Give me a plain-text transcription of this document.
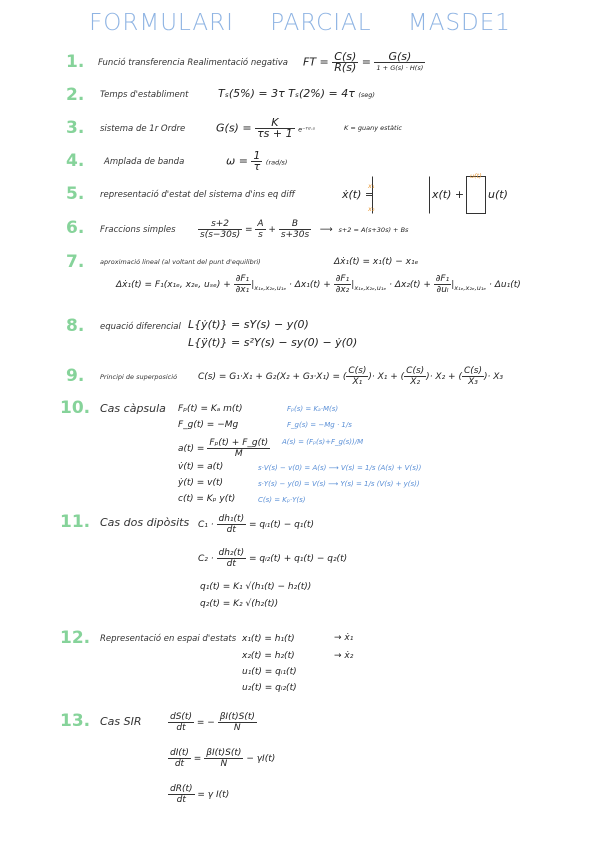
FORMULARI PARCIAL MASDE1
1. Funció transferencia Realimentació negativa FT = $\frac{C(s)}{R(s)} = \frac{G(s)}{1 + G(s) \cdot H(s)}$
2. Temps d'establiment	Tₛ(5%) = 3τ Tₛ(2%) = 4τ (seg)
3. sistema de 1r Ordre	$G(s) = \frac{K}{\tau s + 1}$ e⁻ᵀᵈ·ˢ	K = guany estàtic
4. Amplada de banda	$\omega = \frac{1}{\tau} (rad/s)$
5. representació d'estat del sistema d'ins eq diff	ẋ(t) =
x₁
x₂
x(t) +
u(t)
u(t)
6. Fraccions simples $\frac{s+2}{s(s-30s)} = \frac{A}{s} + \frac{B}{s+30s}$ ⟶ s+2 = A(s+30s) + Bs
7. aproximació lineal (al voltant del punt d'equilibri)	Δẋ₁(t) = x₁(t) − x₁ₑ
Δẋ₁(t) = F₁(x₁ₑ, x₂ₑ, $u_{se}) + \frac{\text{∂F₁}}{\text{∂x₁}} |_{x_{1e},x_{2e},u_{1e}} \cdot \Delta x_1(t) + \frac{\text{∂F₁}}{\text{∂x₂}} |_{x_{1e},x_{2e},u_{1e}} \cdot \Delta x_2(t) + \frac{\text{∂F₁}}{\text{∂uₗ}} |_{x_{1e},x_{2e},u_{1e}} \cdot \Delta u_1(t)$
8. equació diferencial L{ẏ(t)} = sY(s) − y(0)
L{ÿ(t)} = s²Y(s) − sy(0) − ẏ(0)
9. Principi de superposició C(s) = G₁·X₁ + G₂(X₂ + G₃·X₁) = ( $\frac{C(s)}{\text{X₁}}$ )· X₁ + ( $\frac{C(s)}{\text{X₂}}$ )· X₂ + ( $\frac{C(s)}{\text{X₃}}$ )· X₃
10. Cas càpsula Fₚ(t) = Kₐ m(t)
F_g(t) = −Mg
$a(t) = \frac{\text{Fₚ(t) + F\_g(t)}}{M}$
v̇(t) = a(t)
ẏ(t) = v(t)
c(t) = Kₚ y(t)
Fₚ(s) = Kₐ·M(s)
F_g(s) = −Mg · 1/s
A(s) = (Fₚ(s)+F_g(s))/M
s·V(s) − v(0) = A(s) ⟶ V(s) = 1/s (A(s) + V(s))
s·Y(s) − y(0) = V(s) ⟶ Y(s) = 1/s (V(s) + y(s))
C(s) = Kₚ·Y(s)
11. Cas dos dipòsits $C_1 \cdot \frac{\text{dh₁(t)}}{dt}$ = qᵢ₁(t) − q₁(t)
$C_2 \cdot \frac{\text{dh₂(t)}}{dt}$ = qᵢ₂(t) + q₁(t) − q₂(t)
q₁(t) = K₁ √(h₁(t) − h₂(t))
q₂(t) = K₂ √(h₂(t))
12. Representació en espai d'estats x₁(t) = h₁(t)
x₂(t) = h₂(t)
u₁(t) = qᵢ₁(t)
u₂(t) = qᵢ₂(t)
→ ẋ₁
→ ẋ₂
13. Cas SIR	$\frac{dS(t)}{dt}$ = − $\frac{\beta I(t)S(t)}{N}$
$\frac{dI(t)}{dt} = \frac{\beta I(t)S(t)}{N} - \gamma I(t)$
$\frac{dR(t)}{dt} = \gamma$ I(t)
